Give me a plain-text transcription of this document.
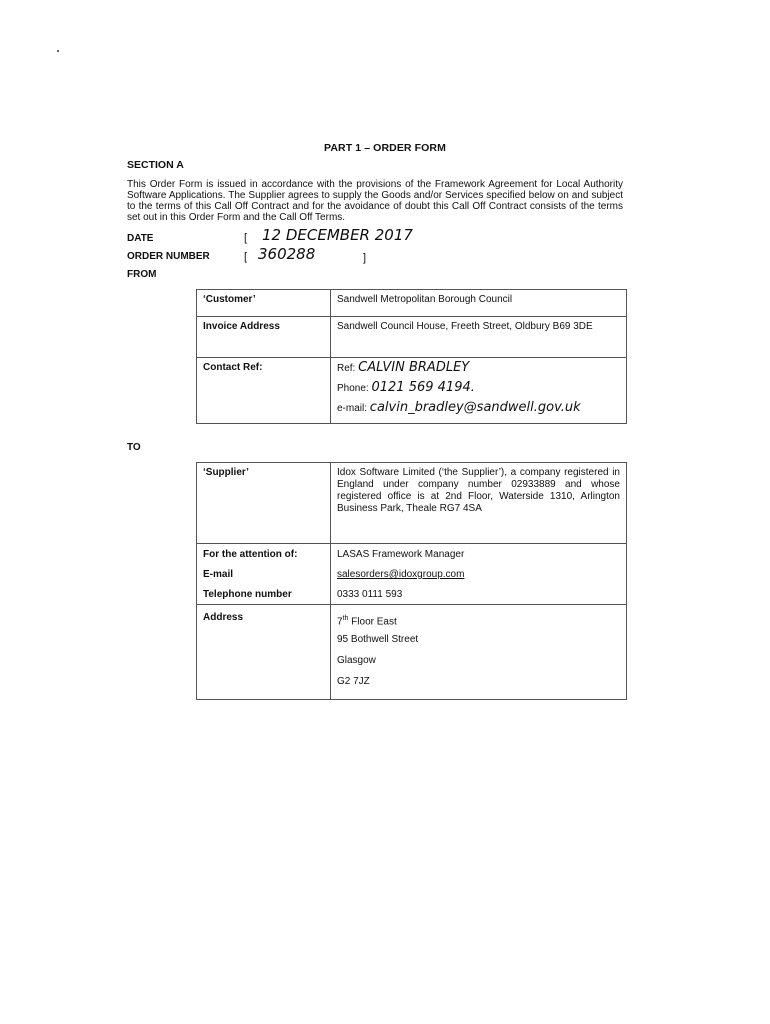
PART 1 – ORDER FORM
SECTION A
This Order Form is issued in accordance with the provisions of the Framework Agreement for Local Authority Software Applications. The Supplier agrees to supply the Goods and/or Services specified below on and subject to the terms of this Call Off Contract and for the avoidance of doubt this Call Off Contract consists of the terms set out in this Order Form and the Call Off Terms.
DATE	[ 12 DECEMBER 2017
ORDER NUMBER	[ 360288	]
FROM
‘Customer’	Sandwell Metropolitan Borough Council
Invoice Address	Sandwell Council House, Freeth Street, Oldbury B69 3DE
Contact Ref:	Ref: CALVIN BRADLEY
Phone: 0121 569 4194.
e-mail: calvin_bradley@sandwell.gov.uk
TO
‘Supplier’	Idox Software Limited (‘the Supplier’), a company registered in England under company number 02933889 and whose registered office is at 2nd Floor, Waterside 1310, Arlington Business Park, Theale RG7 4SA
For the attention of:	LASAS Framework Manager
E-mail	salesorders@idoxgroup.com
Telephone number	0333 0111 593
Address	7th Floor East
95 Bothwell Street
Glasgow
G2 7JZ
